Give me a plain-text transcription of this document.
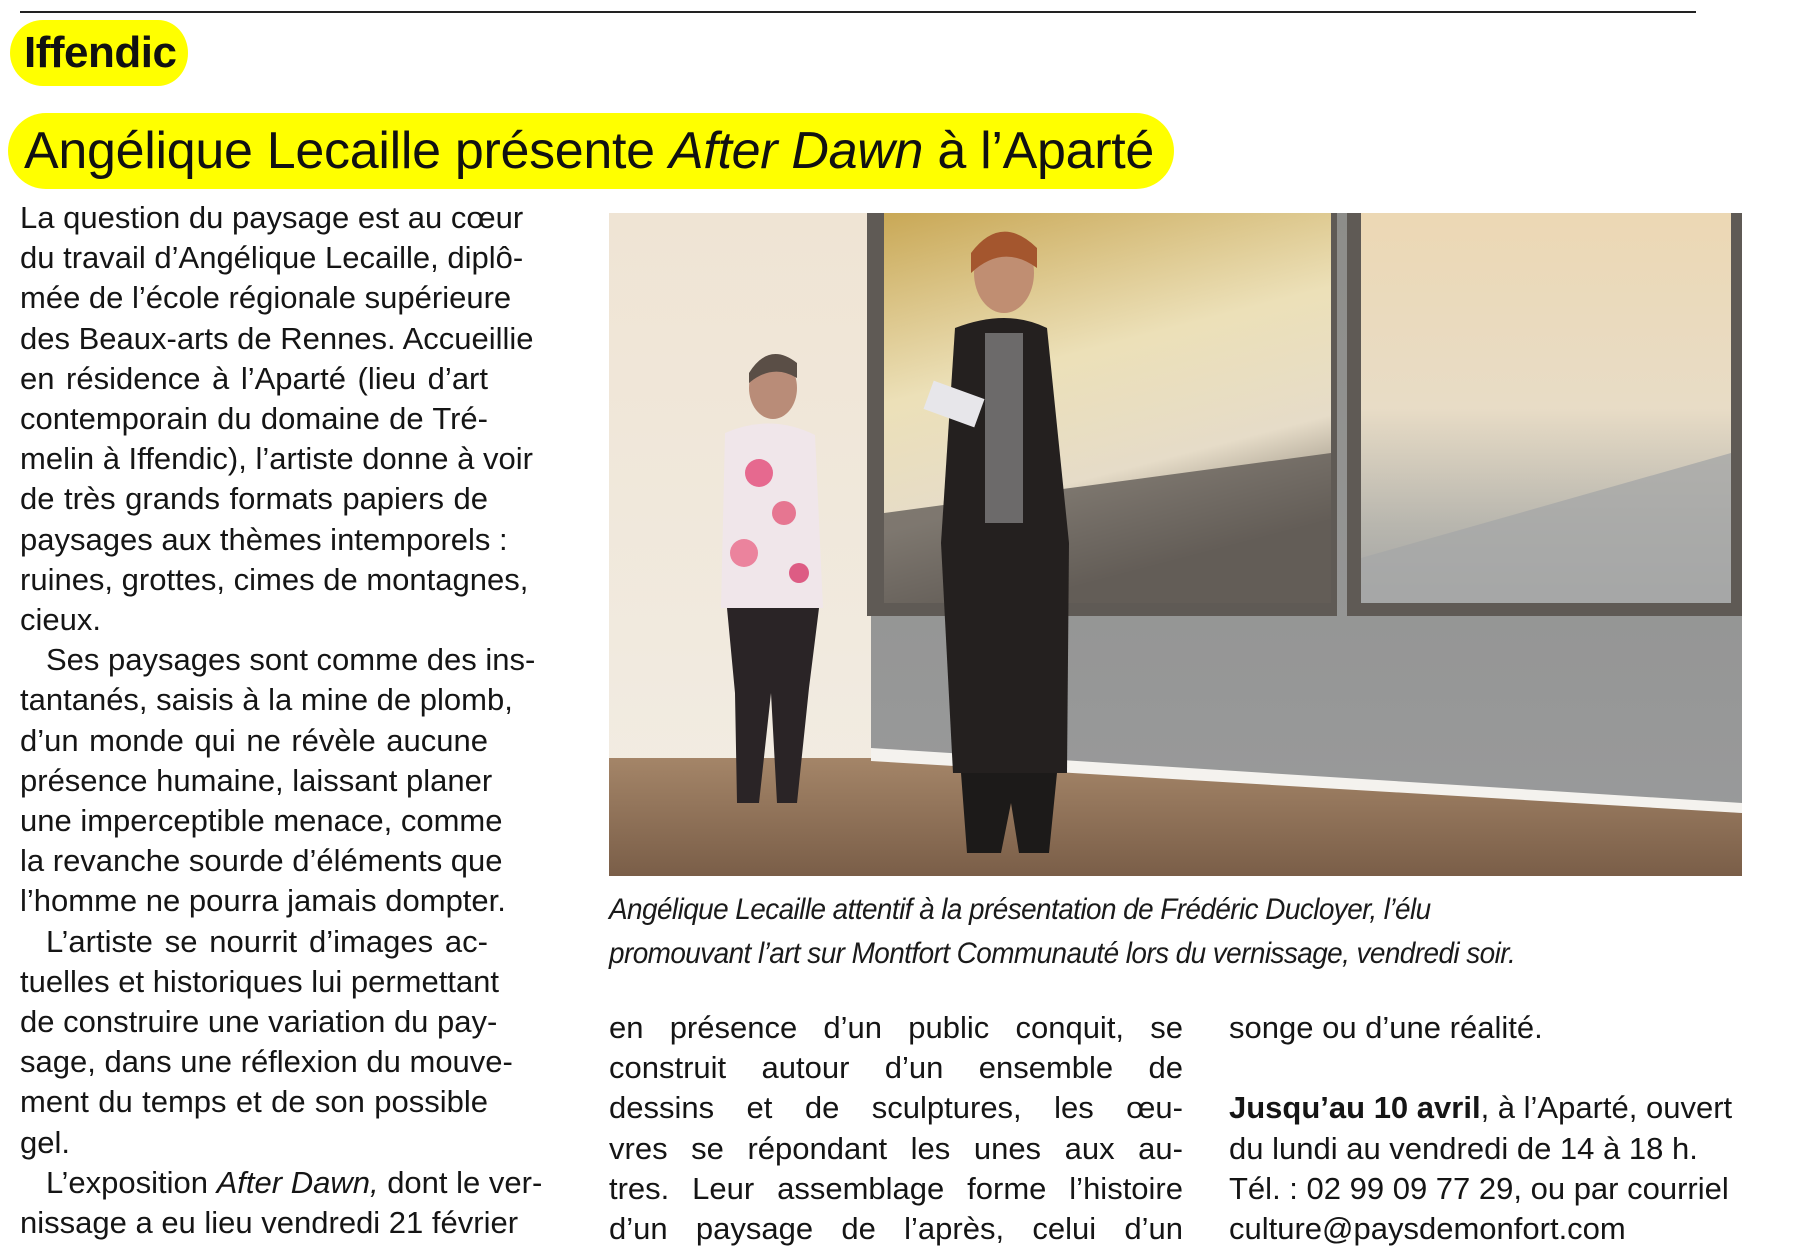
Iffendic
Angélique Lecaille présente After Dawn à l’Aparté
La question du paysage est au cœur
du travail d’Angélique Lecaille, diplô-
mée de l’école régionale supérieure
des Beaux-arts de Rennes. Accueillie
en résidence à l’Aparté (lieu d’art
contemporain du domaine de Tré-
melin à Iffendic), l’artiste donne à voir
de très grands formats papiers de
paysages aux thèmes intemporels :
ruines, grottes, cimes de montagnes,
cieux.
Ses paysages sont comme des ins-
tantanés, saisis à la mine de plomb,
d’un monde qui ne révèle aucune
présence humaine, laissant planer
une imperceptible menace, comme
la revanche sourde d’éléments que
l’homme ne pourra jamais dompter.
L’artiste se nourrit d’images ac-
tuelles et historiques lui permettant
de construire une variation du pay-
sage, dans une réflexion du mouve-
ment du temps et de son possible
gel.
L’exposition After Dawn, dont le ver-
nissage a eu lieu vendredi 21 février
Angélique Lecaille attentif à la présentation de Frédéric Ducloyer, l’élu
promouvant l’art sur Montfort Communauté lors du vernissage, vendredi soir.
en présence d’un public conquit, se
construit autour d’un ensemble de
dessins et de sculptures, les œu-
vres se répondant les unes aux au-
tres. Leur assemblage forme l’histoire
d’un paysage de l’après, celui d’un
songe ou d’une réalité.

Jusqu’au 10 avril, à l’Aparté, ouvert
du lundi au vendredi de 14 à 18 h.
Tél. : 02 99 09 77 29, ou par courriel
culture@paysdemonfort.com
